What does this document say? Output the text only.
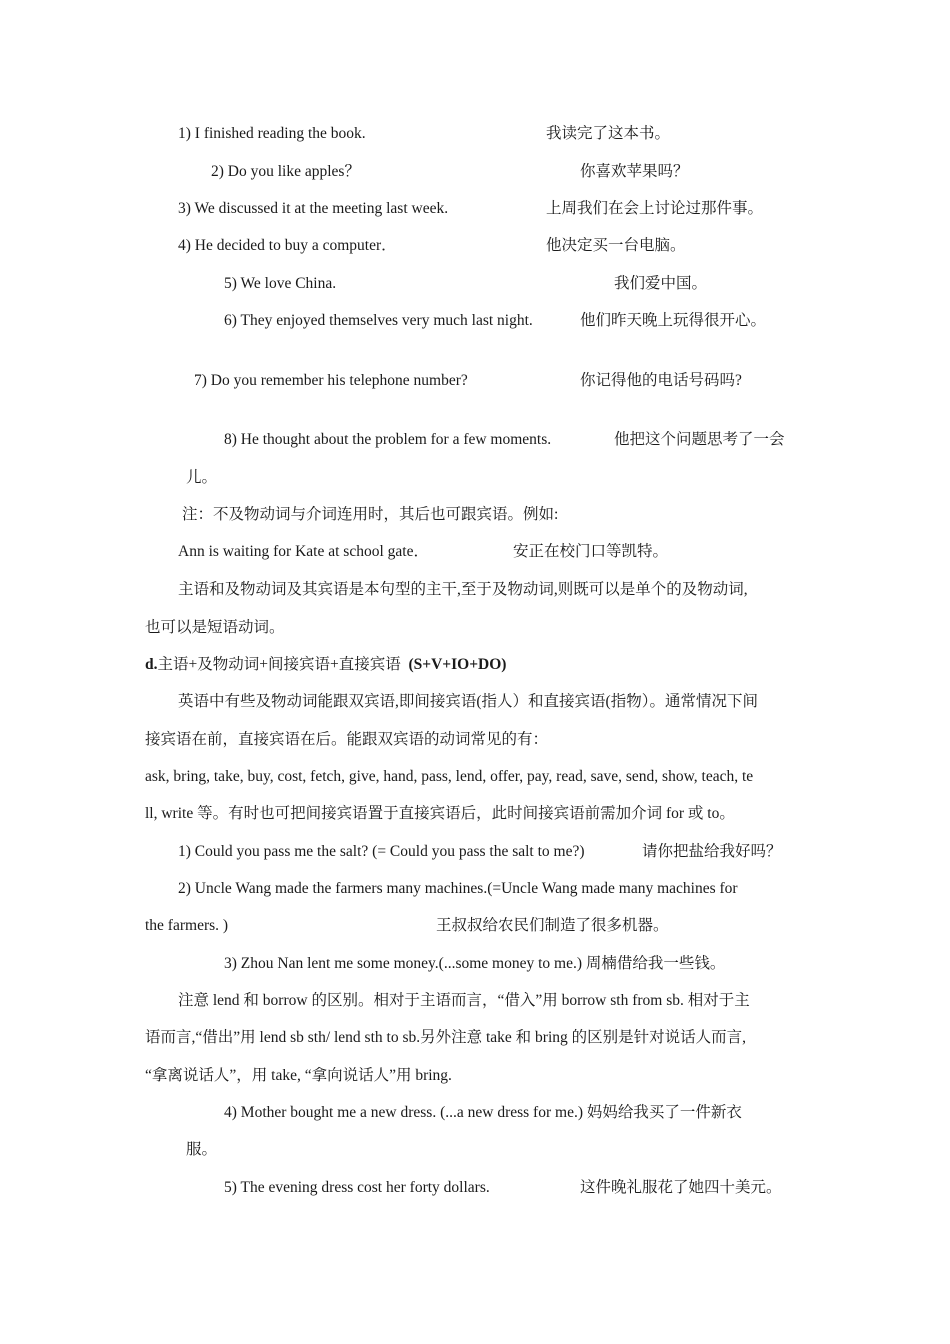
1) I finished reading the book.	我读完了这本书。
2) Do you like apples？	你喜欢苹果吗？
3) We discussed it at the meeting last week.	上周我们在会上讨论过那件事。
4) He decided to buy a computer．	他决定买一台电脑。
5) We love China.	我们爱中国。
6) They enjoyed themselves very much last night.	他们昨天晚上玩得很开心。
7) Do you remember his telephone number?	你记得他的电话号码吗?
8) He thought about the problem for a few moments.	他把这个问题思考了一会
儿。
注：不及物动词与介词连用时，其后也可跟宾语。例如:
Ann is waiting for Kate at school gate．	安正在校门口等凯特。
主语和及物动词及其宾语是本句型的主干,至于及物动词,则既可以是单个的及物动词,
也可以是短语动词。
d.主语+及物动词+间接宾语+直接宾语 (S+V+IO+DO)
英语中有些及物动词能跟双宾语,即间接宾语(指人）和直接宾语(指物）。通常情况下间
接宾语在前，直接宾语在后。能跟双宾语的动词常见的有：
ask, bring, take, buy, cost, fetch, give, hand, pass, lend, offer, pay, read, save, send, show, teach, te
ll, write 等。有时也可把间接宾语置于直接宾语后，此时间接宾语前需加介词 for 或 to。
1) Could you pass me the salt? (= Could you pass the salt to me?)	请你把盐给我好吗？
2) Uncle Wang made the farmers many machines.(=Uncle Wang made many machines for
the farmers. )	王叔叔给农民们制造了很多机器。
3) Zhou Nan lent me some money.(...some money to me.) 周楠借给我一些钱。
注意 lend 和 borrow 的区别。相对于主语而言，“借入”用 borrow sth from sb. 相对于主
语而言,“借出”用 lend sb sth/ lend sth to sb.另外注意 take 和 bring 的区别是针对说话人而言,
“拿离说话人”，用 take, “拿向说话人”用 bring.
4) Mother bought me a new dress. (...a new dress for me.) 妈妈给我买了一件新衣
服。
5) The evening dress cost her forty dollars.	这件晚礼服花了她四十美元。
